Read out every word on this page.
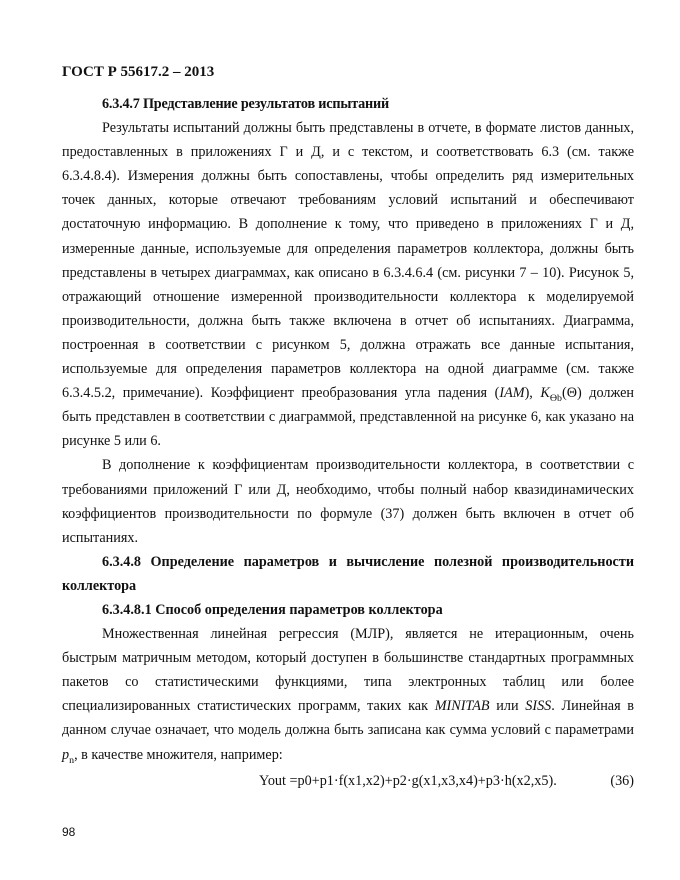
ГОСТ Р 55617.2 – 2013

6.3.4.7 Представление результатов испытаний

Результаты испытаний должны быть представлены в отчете, в формате листов данных, предоставленных в приложениях Г и Д, и с текстом, и соответствовать 6.3 (см. также 6.3.4.8.4). Измерения должны быть сопоставлены, чтобы определить ряд измерительных точек данных, которые отвечают требованиям условий испытаний и обеспечивают достаточную информацию. В дополнение к тому, что приведено в приложениях Г и Д, измеренные данные, используемые для определения параметров коллектора, должны быть представлены в четырех диаграммах, как описано в 6.3.4.6.4 (см. рисунки 7 – 10). Рисунок 5, отражающий отношение измеренной производительности коллектора к моделируемой производительности, должна быть также включена в отчет об испытаниях. Диаграмма, построенная в соответствии с рисунком 5, должна отражать все данные испытания, используемые для определения параметров коллектора на одной диаграмме (см. также 6.3.4.5.2, примечание). Коэффициент преобразования угла падения (IAM), $K_{Өb}(\Theta)$ должен быть представлен в соответствии с диаграммой, представленной на рисунке 6, как указано на рисунке 5 или 6.

В дополнение к коэффициентам производительности коллектора, в соответствии с требованиями приложений Г или Д, необходимо, чтобы полный набор квазидинамических коэффициентов производительности по формуле (37) должен быть включен в отчет об испытаниях.

6.3.4.8 Определение параметров и вычисление полезной производительности коллектора

6.3.4.8.1 Способ определения параметров коллектора

Множественная линейная регрессия (МЛР), является не итерационным, очень быстрым матричным методом, который доступен в большинстве стандартных программных пакетов со статистическими функциями, типа электронных таблиц или более специализированных статистических программ, таких как MINITAB или SISS. Линейная в данном случае означает, что модель должна быть записана как сумма условий с параметрами $p_n$, в качестве множителя, например:

Yout =p0+p1·f(x1,x2)+p2·g(x1,x3,x4)+p3·h(x2,x5).	(36)
98
